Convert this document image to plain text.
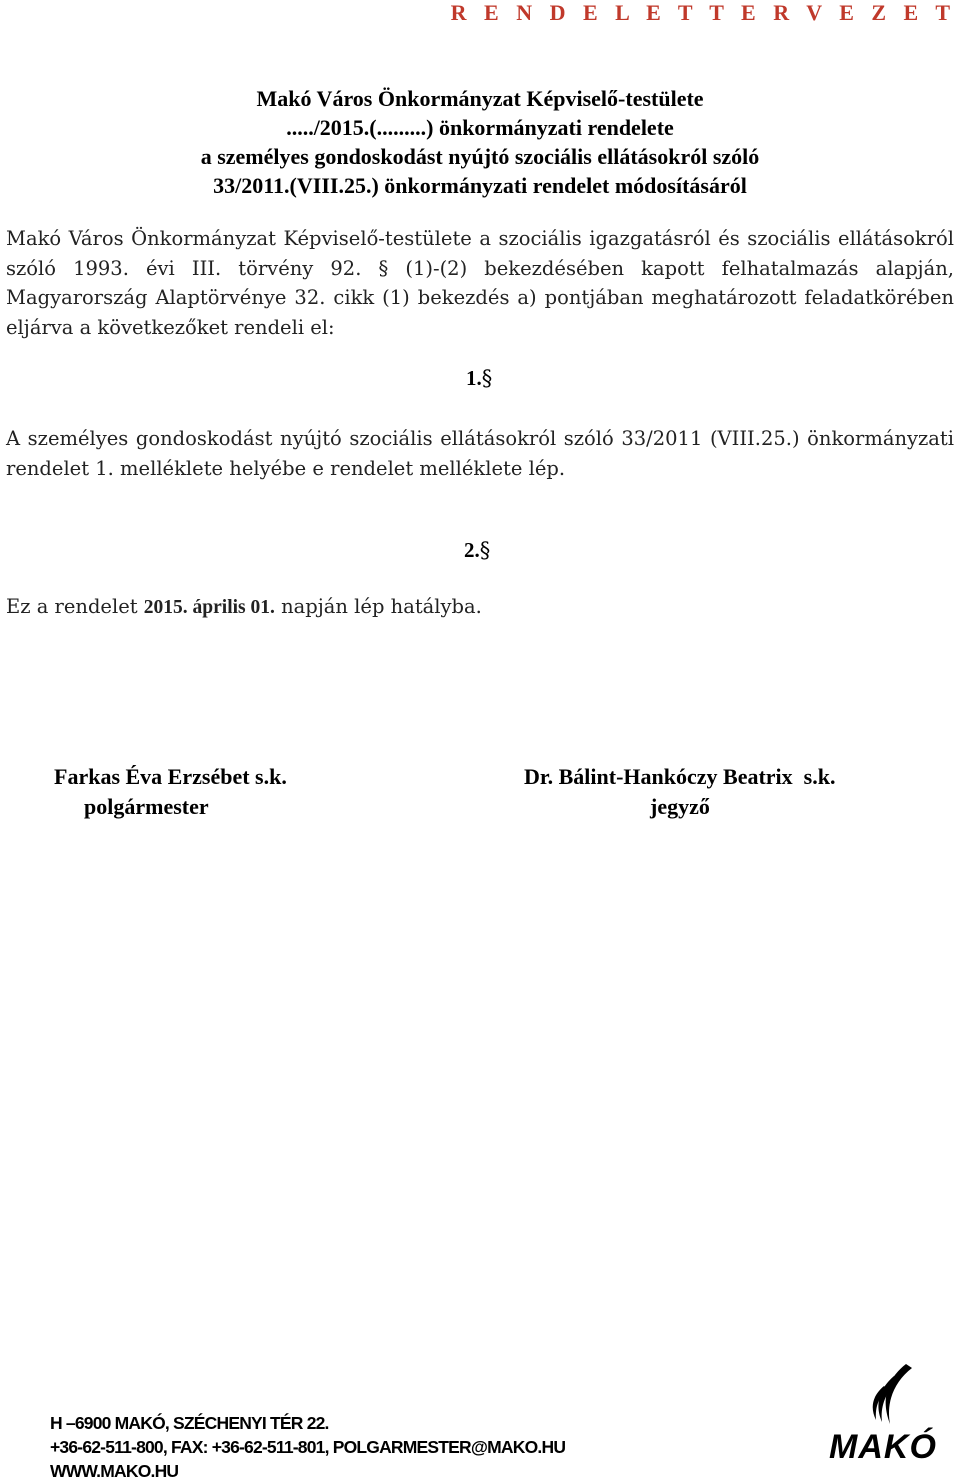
R E N D E L E T T E R V E Z E T
Makó Város Önkormányzat Képviselő-testülete
...../2015.(.........) önkormányzati rendelete
a személyes gondoskodást nyújtó szociális ellátásokról szóló
33/2011.(VIII.25.) önkormányzati rendelet módosításáról
Makó Város Önkormányzat Képviselő-testülete a szociális igazgatásról és szociális ellátásokról szóló 1993. évi III. törvény 92. § (1)-(2) bekezdésében kapott felhatalmazás alapján, Magyarország Alaptörvénye 32. cikk (1) bekezdés a) pontjában meghatározott feladatkörében eljárva a következőket rendeli el:
1.§
A személyes gondoskodást nyújtó szociális ellátásokról szóló 33/2011 (VIII.25.) önkormányzati rendelet 1. melléklete helyébe e rendelet melléklete lép.
2.§
Ez a rendelet 2015. április 01. napján lép hatályba.
Farkas Éva Erzsébet s.k.
polgármester
Dr. Bálint-Hankóczy Beatrix  s.k.
jegyző
H –6900 MAKÓ, SZÉCHENYI TÉR 22.
+36-62-511-800, FAX: +36-62-511-801, POLGARMESTER@MAKO.HU
WWW.MAKO.HU
MAKÓ
